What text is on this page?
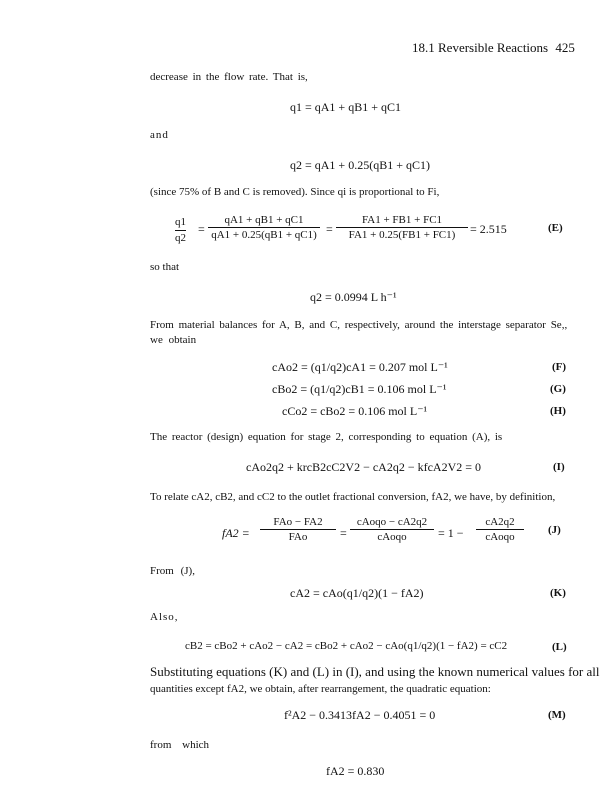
18.1 Reversible Reactions 425
decrease in the flow rate. That is,
q1 = qA1 + qB1 + qC1
and
q2 = qA1 + 0.25(qB1 + qC1)
(since 75% of B and C is removed). Since qi is proportional to Fi,
q1
q2
= $\frac{qA1 + qB1 + qC1}{qA1 + 0.25(qB1 + qC1)} = \frac{FA1 + FB1 + FC1}{FA1 + 0.25(FB1 + FC1)} = 2.515$	(E)
so that
q2 = 0.0994 L h⁻¹
From material balances for A, B, and C, respectively, around the interstage separator Se,,
we obtain
cAo2 = (q1/q2)cA1 = 0.207 mol L⁻¹	(F)
cBo2 = (q1/q2)cB1 = 0.106 mol L⁻¹	(G)
cCo2 = cBo2 = 0.106 mol L⁻¹	(H)
The reactor (design) equation for stage 2, corresponding to equation (A), is
cAo2q2 + krcB2cC2V2 − cA2q2 − kfcA2V2 = 0	(I)
To relate cA2, cB2, and cC2 to the outlet fractional conversion, fA2, we have, by definition,
fA2 =
FAo − FA2
FAo	=
cAoqo − cA2q2
cAoqo	= 1 −
cA2q2
cAoqo
(J)
From (J),
cA2 = cAo(q1/q2)(1 − fA2)	(K)
Also,
cB2 = cBo2 + cAo2 − cA2 = cBo2 + cAo2 − cAo(q1/q2)(1 − fA2) = cC2	(L)
Substituting equations (K) and (L) in (I), and using the known numerical values for all
quantities except fA2, we obtain, after rearrangement, the quadratic equation:
f²A2 − 0.3413fA2 − 0.4051 = 0	(M)
from which
fA2 = 0.830
